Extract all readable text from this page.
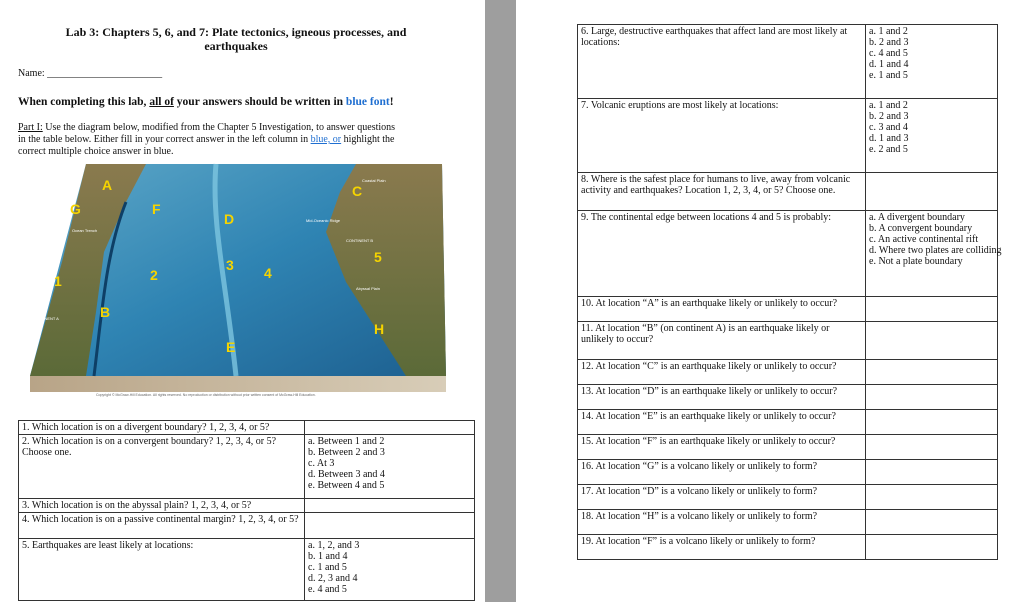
Lab 3: Chapters 5, 6, and 7: Plate tectonics, igneous processes, and
earthquakes
Name: _______________________
When completing this lab, all of your answers should be written in blue font!
Part I: Use the diagram below, modified from the Chapter 5 Investigation, to answer questions
in the table below. Either fill in your correct answer in the left column in blue, or highlight the
correct multiple choice answer in blue.
A
B
C
D
E
F
G
H
1	2
3 4
5
CONTINENT A
CONTINENT B
Ocean Trench
Mid-Oceanic Ridge
Coastal Plain
Abyssal Plain
Copyright © McGraw-Hill Education. All rights reserved. No reproduction or distribution without prior written consent of McGraw-Hill Education.
1. Which location is on a divergent boundary? 1, 2, 3, 4, or 5?	
2. Which location is on a convergent boundary? 1, 2, 3, 4, or 5? Choose one.	a. Between 1 and 2
b. Between 2 and 3
c. At 3
d. Between 3 and 4
e. Between 4 and 5

3. Which location is on the abyssal plain? 1, 2, 3, 4, or 5?	
4. Which location is on a passive continental margin? 1, 2, 3, 4, or 5?	
5. Earthquakes are least likely at locations:	a. 1, 2, and 3
b. 1 and 4
c. 1 and 5
d. 2, 3 and 4
e. 4 and 5
6. Large, destructive earthquakes that affect land are most likely at locations:	a. 1 and 2
b. 2 and 3
c. 4 and 5
d. 1 and 4
e. 1 and 5

7. Volcanic eruptions are most likely at locations:	a. 1 and 2
b. 2 and 3
c. 3 and 4
d. 1 and 3
e. 2 and 5

8. Where is the safest place for humans to live, away from volcanic activity and earthquakes? Location 1, 2, 3, 4, or 5? Choose one.	
9. The continental edge between locations 4 and 5 is probably:	a. A divergent boundary
b. A convergent boundary
c. An active continental rift
d. Where two plates are colliding
e. Not a plate boundary

10. At location “A” is an earthquake likely or unlikely to occur?	
11. At location “B” (on continent A) is an earthquake likely or unlikely to occur?	
12. At location “C” is an earthquake likely or unlikely to occur?	
13. At location “D” is an earthquake likely or unlikely to occur?	
14. At location “E” is an earthquake likely or unlikely to occur?	
15. At location “F” is an earthquake likely or unlikely to occur?	
16. At location “G” is a volcano likely or unlikely to form?	
17. At location “D” is a volcano likely or unlikely to form?	
18. At location “H” is a volcano likely or unlikely to form?	
19. At location “F” is a volcano likely or unlikely to form?	
